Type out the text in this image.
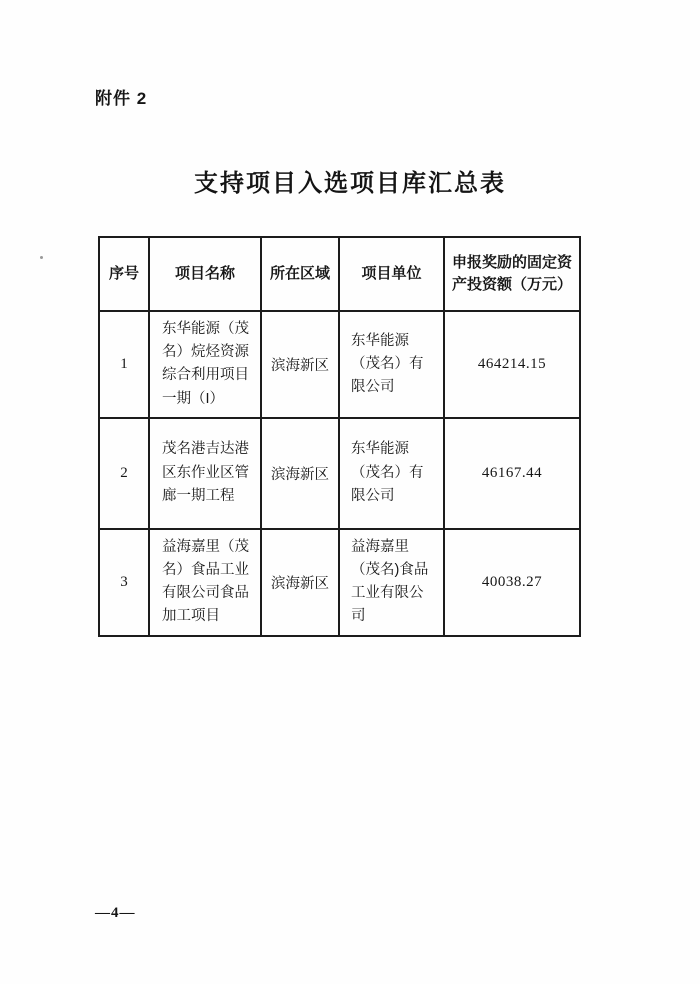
附件 2
支持项目入选项目库汇总表
序号	项目名称	所在区域	项目单位	申报奖励的固定资产投资额（万元）
1	东华能源（茂名）烷烃资源综合利用项目一期（I）	滨海新区	东华能源（茂名）有限公司	464214.15
2	茂名港吉达港区东作业区管廊一期工程	滨海新区	东华能源（茂名）有限公司	46167.44
3	益海嘉里（茂名）食品工业有限公司食品加工项目	滨海新区	益海嘉里（茂名)食品工业有限公司	40038.27
—4—
